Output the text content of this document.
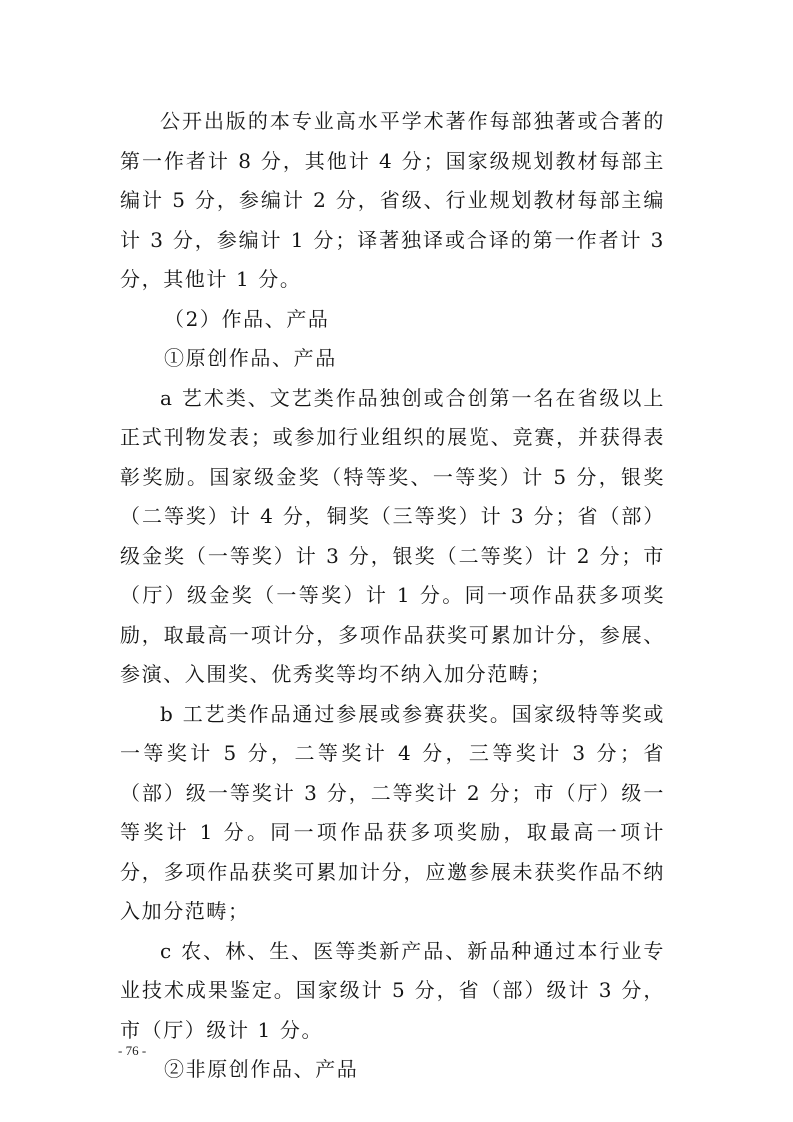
公开出版的本专业高水平学术著作每部独著或合著的第一作者计 8 分，其他计 4 分；国家级规划教材每部主编计 5 分，参编计 2 分，省级、行业规划教材每部主编计 3 分，参编计 1 分；译著独译或合译的第一作者计 3 分，其他计 1 分。

（2）作品、产品

①原创作品、产品

a 艺术类、文艺类作品独创或合创第一名在省级以上正式刊物发表；或参加行业组织的展览、竞赛，并获得表彰奖励。国家级金奖（特等奖、一等奖）计 5 分，银奖（二等奖）计 4 分，铜奖（三等奖）计 3 分；省（部）级金奖（一等奖）计 3 分，银奖（二等奖）计 2 分；市（厅）级金奖（一等奖）计 1 分。同一项作品获多项奖励，取最高一项计分，多项作品获奖可累加计分，参展、参演、入围奖、优秀奖等均不纳入加分范畴；

b 工艺类作品通过参展或参赛获奖。国家级特等奖或一等奖计 5 分，二等奖计 4 分，三等奖计 3 分；省（部）级一等奖计 3 分，二等奖计 2 分；市（厅）级一等奖计 1 分。同一项作品获多项奖励，取最高一项计分，多项作品获奖可累加计分，应邀参展未获奖作品不纳入加分范畴；

c 农、林、生、医等类新产品、新品种通过本行业专业技术成果鉴定。国家级计 5 分，省（部）级计 3 分，市（厅）级计 1 分。

②非原创作品、产品

- 76 -
